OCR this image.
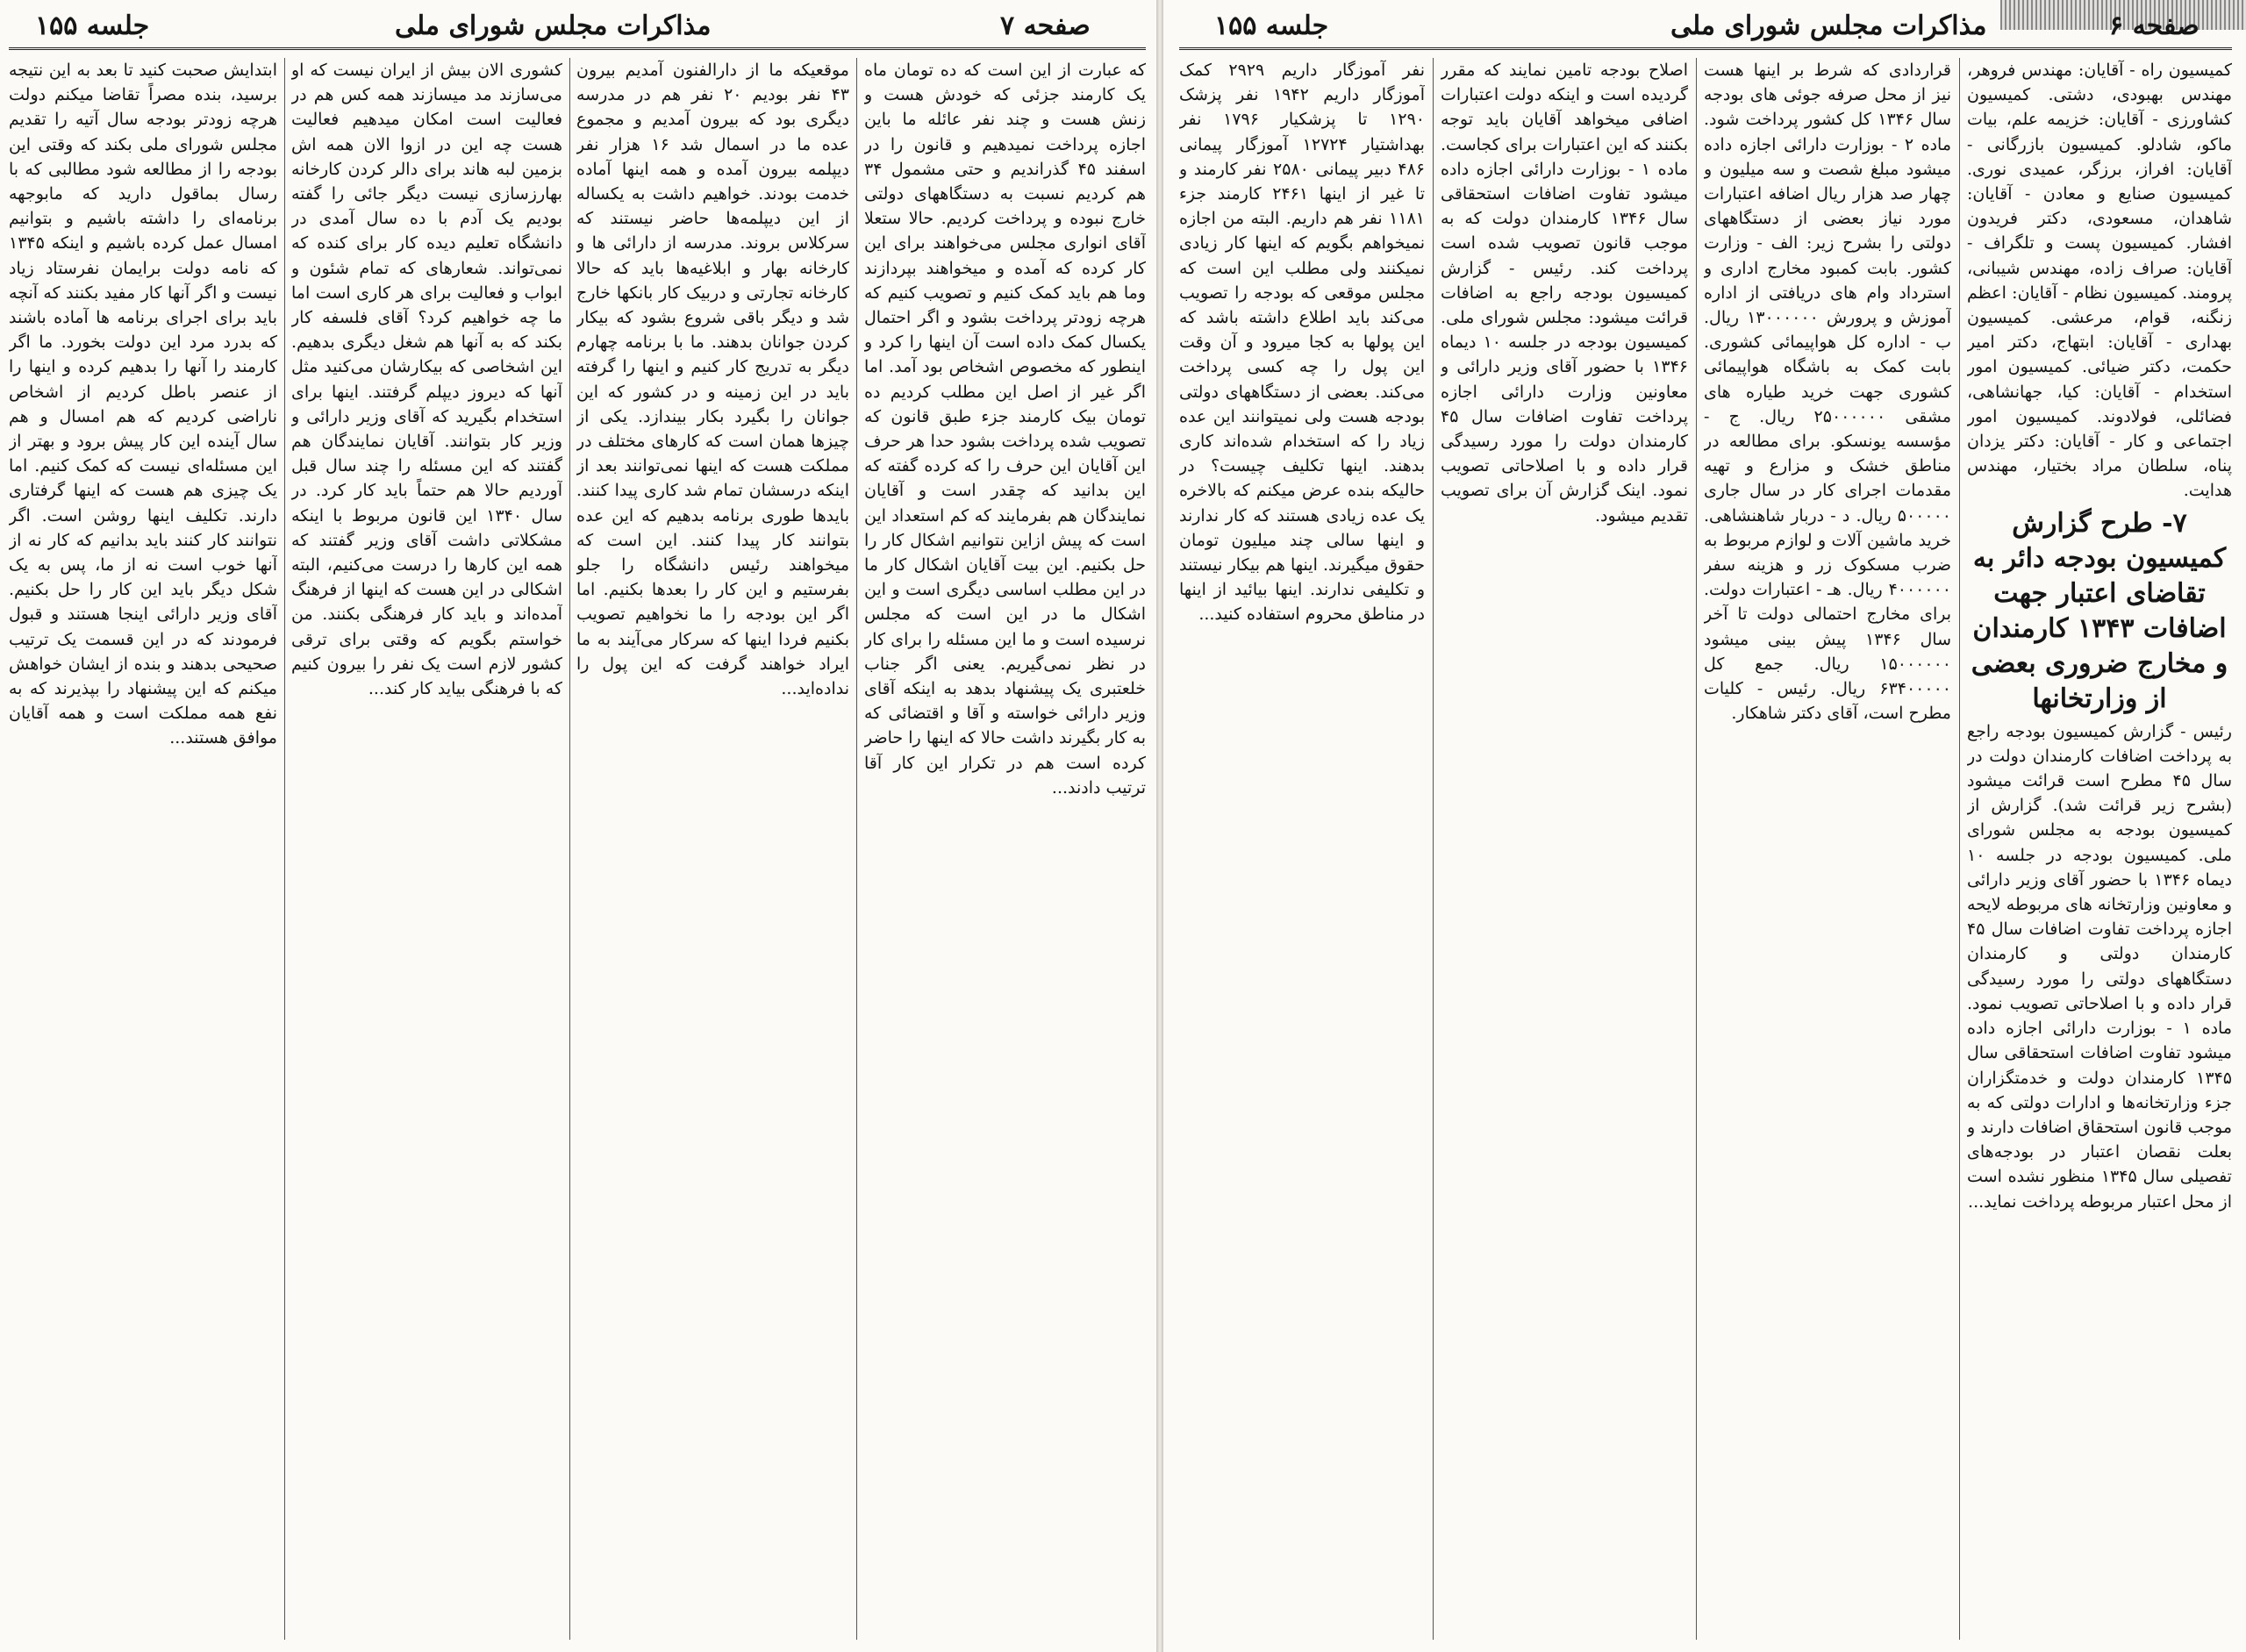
جلسه ۱۵۵	مذاکرات مجلس شورای ملی	صفحه ۷

که عبارت از این است که ده تومان ماه یک کارمند جزئی که خودش هست و زنش هست و چند نفر عائله ما باین اجازه پرداخت نمیدهیم و قانون را در اسفند ۴۵ گذراندیم و حتی مشمول ۳۴ هم کردیم نسبت به دستگاههای دولتی خارج نبوده و پرداخت کردیم. حالا ستعلا آقای انواری مجلس می‌خواهند برای این کار کرده که آمده و میخواهند بپردازند وما هم باید کمک کنیم و تصویب کنیم که هرچه زودتر پرداخت بشود و اگر احتمال یکسال کمک داده است آن اینها را کرد و اینطور که مخصوص اشخاص بود آمد. اما اگر غیر از اصل این مطلب کردیم ده تومان بیک کارمند جزء طبق قانون که تصویب شده پرداخت بشود حدا هر حرف این آقایان این حرف را که کرده گفته که این بدانید که چقدر است و آقایان نمایندگان هم بفرمایند که کم استعداد این است که پیش ازاین نتوانیم اشکال کار را حل بکنیم. این بیت آقایان اشکال کار ما در این مطلب اساسی دیگری است و این اشکال ما در این است که مجلس نرسیده است و ما این مسئله را برای کار در نظر نمی‌گیریم. یعنی اگر جناب خلعتبری یک پیشنهاد بدهد به اینکه آقای وزیر دارائی خواسته و آقا و اقتضائی که به کار بگیرند داشت حالا که اینها را حاضر کرده است هم در تکرار این کار آقا ترتیب دادند...

موقعیکه ما از دارالفنون آمدیم بیرون ۴۳ نفر بودیم ۲۰ نفر هم در مدرسه دیگری بود که بیرون آمدیم و مجموع عده ما در اسمال شد ۱۶ هزار نفر دیپلمه بیرون آمده و همه اینها آماده خدمت بودند. خواهیم داشت به یکساله از این دیپلمه‌ها حاضر نیستند که سرکلاس بروند. مدرسه از دارائی ها و کارخانه بهار و ابلاغیه‌ها باید که حالا کارخانه تجارتی و دربیک کار بانکها خارج شد و دیگر باقی شروع بشود که بیکار کردن جوانان بدهند. ما با برنامه چهارم دیگر به تدریج کار کنیم و اینها را گرفته باید در این زمینه و در کشور که این جوانان را بگیرد بکار بیندازد. یکی از چیزها همان است که کارهای مختلف در مملکت هست که اینها نمی‌توانند بعد از اینکه درسشان تمام شد کاری پیدا کنند. بایدها طوری برنامه بدهیم که این عده بتوانند کار پیدا کنند. این است که میخواهند رئیس دانشگاه را جلو بفرستیم و این کار را بعدها بکنیم. اما اگر این بودجه را ما نخواهیم تصویب بکنیم فردا اینها که سرکار می‌آیند به ما ایراد خواهند گرفت که این پول را نداده‌اید...

کشوری الان بیش از ایران نیست که او می‌سازند مد میسازند همه کس هم در فعالیت است امکان میدهیم فعالیت هست چه این در ازوا الان همه اش بزمین لبه هاند برای دالر کردن کارخانه بهارزسازی نیست دیگر جائی را گفته بودیم یک آدم با ده سال آمدی در دانشگاه تعلیم دیده کار برای کنده که نمی‌تواند. شعارهای که تمام شئون و ابواب و فعالیت برای هر کاری است اما ما چه خواهیم کرد؟ آقای فلسفه کار بکند که به آنها هم شغل دیگری بدهیم. این اشخاصی که بیکارشان می‌کنید مثل آنها که دیروز دیپلم گرفتند. اینها برای استخدام بگیرید که آقای وزیر دارائی و وزیر کار بتوانند. آقایان نمایندگان هم گفتند که این مسئله را چند سال قبل آوردیم حالا هم حتماً باید کار کرد. در سال ۱۳۴۰ این قانون مربوط با اینکه مشکلاتی داشت آقای وزیر گفتند که همه این کارها را درست می‌کنیم، البته اشکالی در این هست که اینها از فرهنگ آمده‌اند و باید کار فرهنگی بکنند. من خواستم بگویم که وقتی برای ترقی کشور لازم است یک نفر را بیرون کنیم که با فرهنگی بیاید کار کند...

ابتدایش صحبت کنید تا بعد به این نتیجه برسید، بنده مصراً تقاضا میکنم دولت هرچه زودتر بودجه سال آتیه را تقدیم مجلس شورای ملی بکند که وقتی این بودجه را از مطالعه شود مطالبی که با رسال بماقول دارید که مابوجهه برنامه‌ای را داشته باشیم و بتوانیم امسال عمل کرده باشیم و اینکه ۱۳۴۵ که نامه دولت برایمان نفرستاد زیاد نیست و اگر آنها کار مفید بکنند که آنچه باید برای اجرای برنامه ها آماده باشند که بدرد مرد این دولت بخورد. ما اگر کارمند را آنها را بدهیم کرده و اینها را از عنصر باطل کردیم از اشخاص ناراضی کردیم که هم امسال و هم سال آینده این کار پیش برود و بهتر از این مسئله‌ای نیست که کمک کنیم. اما یک چیزی هم هست که اینها گرفتاری دارند. تکلیف اینها روشن است. اگر نتوانند کار کنند باید بدانیم که کار نه از آنها خوب است نه از ما، پس به یک شکل دیگر باید این کار را حل بکنیم. آقای وزیر دارائی اینجا هستند و قبول فرمودند که در این قسمت یک ترتیب صحیحی بدهند و بنده از ایشان خواهش میکنم که این پیشنهاد را بپذیرند که به نفع همه مملکت است و همه آقایان موافق هستند...

صفحه ۶
مذاکرات مجلس شورای ملی
جلسه ۱۵۵

نفر آموزگار داریم ۲۹۲۹ کمک آموزگار داریم ۱۹۴۲ نفر پزشک ۱۲۹۰ تا پزشکیار ۱۷۹۶ نفر بهداشتیار ۱۲۷۲۴ آموزگار پیمانی ۴۸۶ دبیر پیمانی ۲۵۸۰ نفر کارمند و تا غیر از اینها ۲۴۶۱ کارمند جزء ۱۱۸۱ نفر هم داریم. البته من اجازه نمیخواهم بگویم که اینها کار زیادی نمیکنند ولی مطلب این است که مجلس موقعی که بودجه را تصویب می‌کند باید اطلاع داشته باشد که این پولها به کجا میرود و آن وقت این پول را چه کسی پرداخت می‌کند. بعضی از دستگاههای دولتی بودجه هست ولی نمیتوانند این عده زیاد را که استخدام شده‌اند کاری بدهند. اینها تکلیف چیست؟ در حالیکه بنده عرض میکنم که بالاخره یک عده زیادی هستند که کار ندارند و اینها سالی چند میلیون تومان حقوق میگیرند. اینها هم بیکار نیستند و تکلیفی ندارند. اینها بیائید از اینها در مناطق محروم استفاده کنید...

اصلاح بودجه تامین نمایند که مقرر گردیده است و اینکه دولت اعتبارات اضافی میخواهد آقایان باید توجه بکنند که این اعتبارات برای کجاست. ماده ۱ - بوزارت دارائی اجازه داده میشود تفاوت اضافات استحقاقی سال ۱۳۴۶ کارمندان دولت که به موجب قانون تصویب شده است پرداخت کند. رئیس - گزارش کمیسیون بودجه راجع به اضافات قرائت میشود: مجلس شورای ملی. کمیسیون بودجه در جلسه ۱۰ دیماه ۱۳۴۶ با حضور آقای وزیر دارائی و معاونین وزارت دارائی اجازه پرداخت تفاوت اضافات سال ۴۵ کارمندان دولت را مورد رسیدگی قرار داده و با اصلاحاتی تصویب نمود. اینک گزارش آن برای تصویب تقدیم میشود.

قراردادی که شرط بر اینها هست نیز از محل صرفه جوئی های بودجه سال ۱۳۴۶ کل کشور پرداخت شود. ماده ۲ - بوزارت دارائی اجازه داده میشود مبلغ شصت و سه میلیون و چهار صد هزار ریال اضافه اعتبارات مورد نیاز بعضی از دستگاههای دولتی را بشرح زیر: الف - وزارت کشور. بابت کمبود مخارج اداری و استرداد وام های دریافتی از اداره آموزش و پرورش ۱۳۰۰۰۰۰۰ ریال. ب - اداره کل هواپیمائی کشوری. بابت کمک به باشگاه هواپیمائی کشوری جهت خرید طیاره های مشقی ۲۵۰۰۰۰۰۰ ریال. ج - مؤسسه یونسکو. برای مطالعه در مناطق خشک و مزارع و تهیه مقدمات اجرای کار در سال جاری ۵۰۰۰۰۰ ریال. د - دربار شاهنشاهی. خرید ماشین آلات و لوازم مربوط به ضرب مسکوک زر و هزینه سفر ۴۰۰۰۰۰۰ ریال. هـ - اعتبارات دولت. برای مخارج احتمالی دولت تا آخر سال ۱۳۴۶ پیش بینی میشود ۱۵۰۰۰۰۰۰ ریال. جمع کل ۶۳۴۰۰۰۰۰ ریال. رئیس - کلیات مطرح است، آقای دکتر شاهکار.

کمیسیون راه - آقایان: مهندس فروهر، مهندس بهبودی، دشتی. کمیسیون کشاورزی - آقایان: خزیمه علم، بیات ماکو، شادلو. کمیسیون بازرگانی - آقایان: افراز، برزگر، عمیدی نوری. کمیسیون صنایع و معادن - آقایان: شاهدان، مسعودی، دکتر فریدون افشار. کمیسیون پست و تلگراف - آقایان: صراف زاده، مهندس شیبانی، پرومند. کمیسیون نظام - آقایان: اعظم زنگنه، قوام، مرعشی. کمیسیون بهداری - آقایان: ابتهاج، دکتر امیر حکمت، دکتر ضیائی. کمیسیون امور استخدام - آقایان: کیا، جهانشاهی، فضائلی، فولادوند. کمیسیون امور اجتماعی و کار - آقایان: دکتر یزدان پناه، سلطان مراد بختیار، مهندس هدایت.

۷- طرح گزارش کمیسیون بودجه دائر به تقاضای اعتبار جهت اضافات ۱۳۴۳ کارمندان و مخارج ضروری بعضی از وزارتخانها

رئیس - گزارش کمیسیون بودجه راجع به پرداخت اضافات کارمندان دولت در سال ۴۵ مطرح است قرائت میشود (بشرح زیر قرائت شد). گزارش از کمیسیون بودجه به مجلس شورای ملی. کمیسیون بودجه در جلسه ۱۰ دیماه ۱۳۴۶ با حضور آقای وزیر دارائی و معاونین وزارتخانه های مربوطه لایحه اجازه پرداخت تفاوت اضافات سال ۴۵ کارمندان دولتی و کارمندان دستگاههای دولتی را مورد رسیدگی قرار داده و با اصلاحاتی تصویب نمود. ماده ۱ - بوزارت دارائی اجازه داده میشود تفاوت اضافات استحقاقی سال ۱۳۴۵ کارمندان دولت و خدمتگزاران جزء وزارتخانه‌ها و ادارات دولتی که به موجب قانون استحقاق اضافات دارند و بعلت نقصان اعتبار در بودجه‌های تفصیلی سال ۱۳۴۵ منظور نشده است از محل اعتبار مربوطه پرداخت نماید...
